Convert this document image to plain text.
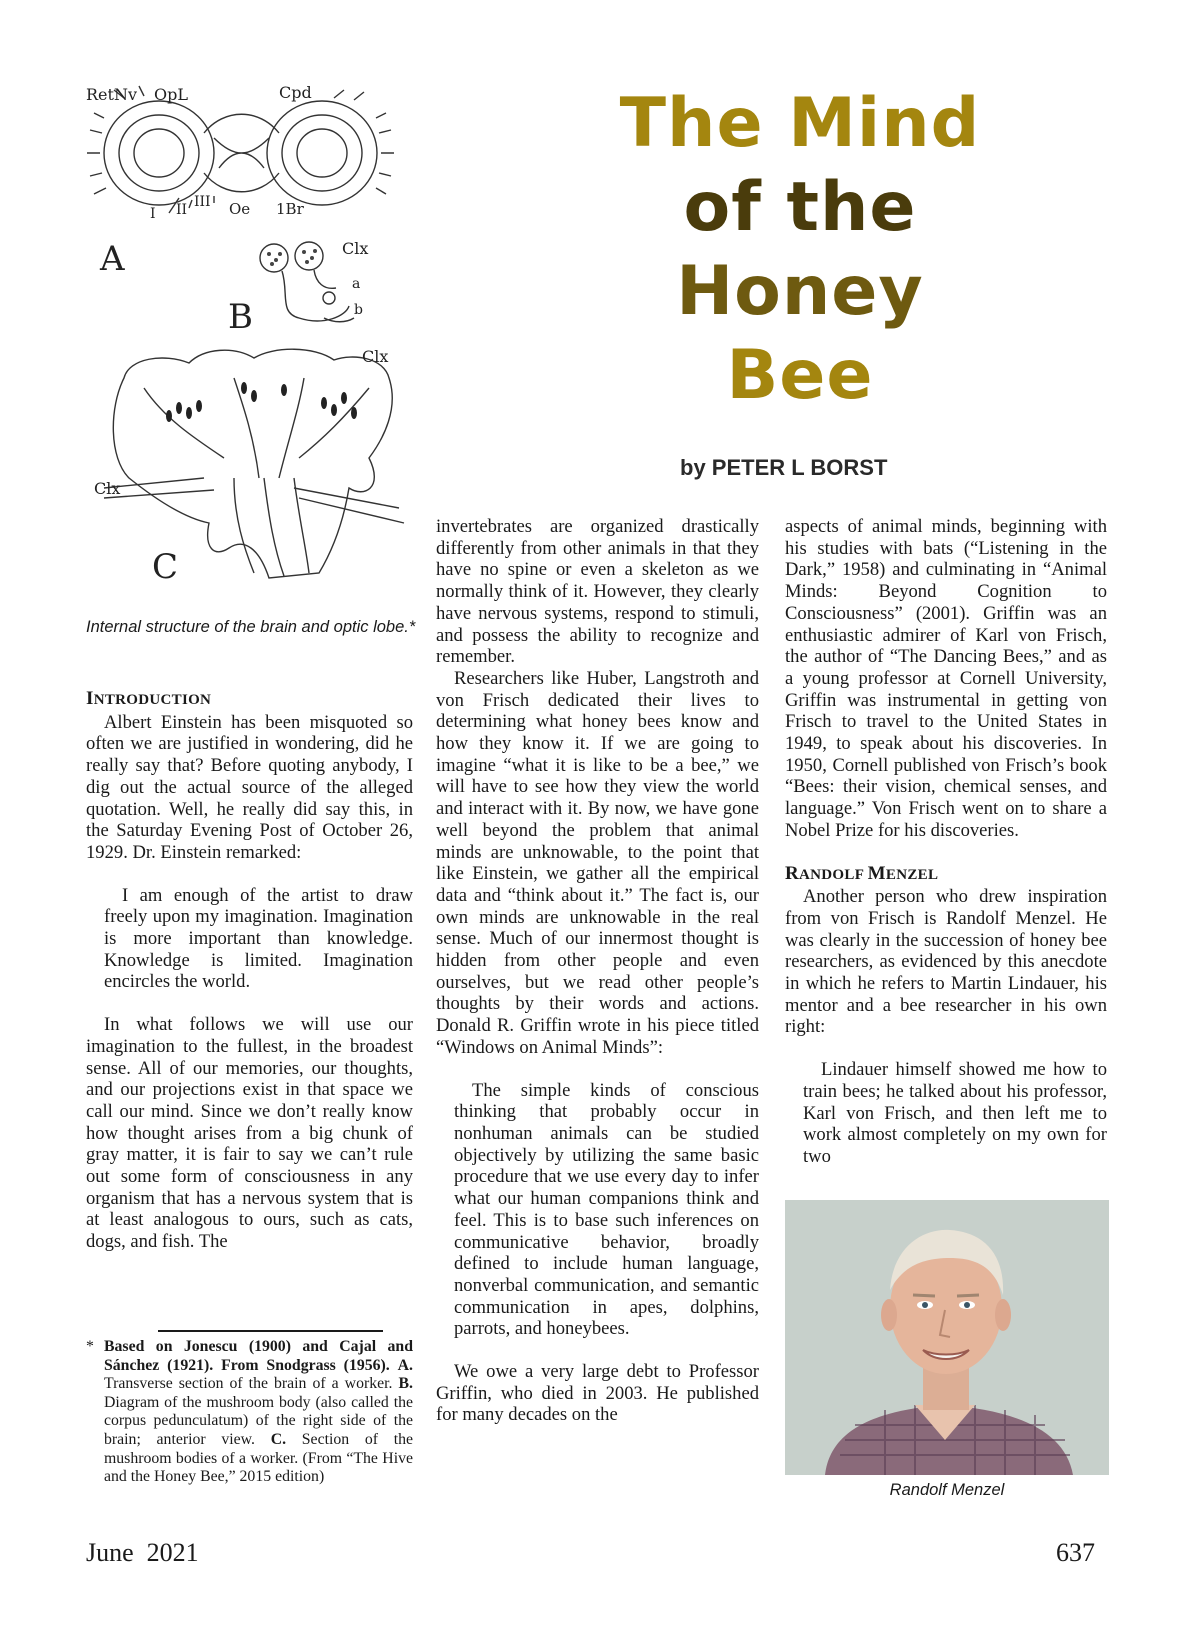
The Mind
of the
Honey
Bee
by PETER L BORST
RetNv OpL	Cpd
I II III Oe 1Br
A
B
Clx
a
b
Clx
Clx
C
Internal structure of the brain and optic lobe.*

INTRODUCTION

Albert Einstein has been misquoted so often we are justified in wondering, did he really say that? Before quoting anybody, I dig out the actual source of the alleged quotation. Well, he really did say this, in the Saturday Evening Post of October 26, 1929. Dr. Einstein remarked:

I am enough of the artist to draw freely upon my imagination. Imagination is more important than knowledge. Knowledge is limited. Imagination encircles the world.

In what follows we will use our imagination to the fullest, in the broadest sense. All of our memories, our thoughts, and our projections exist in that space we call our mind. Since we don’t really know how thought arises from a big chunk of gray matter, it is fair to say we can’t rule out some form of consciousness in any organism that has a nervous system that is at least analogous to ours, such as cats, dogs, and fish. The

* Based on Jonescu (1900) and Cajal and Sánchez (1921). From Snodgrass (1956). A. Transverse section of the brain of a worker. B. Diagram of the mushroom body (also called the corpus pedunculatum) of the right side of the brain; anterior view. C. Section of the mushroom bodies of a worker. (From “The Hive and the Honey Bee,” 2015 edition)

invertebrates are organized drastically differently from other animals in that they have no spine or even a skeleton as we normally think of it. However, they clearly have nervous systems, respond to stimuli, and possess the ability to recognize and remember.

Researchers like Huber, Langstroth and von Frisch dedicated their lives to determining what honey bees know and how they know it. If we are going to imagine “what it is like to be a bee,” we will have to see how they view the world and interact with it. By now, we have gone well beyond the problem that animal minds are unknowable, to the point that like Einstein, we gather all the empirical data and “think about it.” The fact is, our own minds are unknowable in the real sense. Much of our innermost thought is hidden from other people and even ourselves, but we read other people’s thoughts by their words and actions. Donald R. Griffin wrote in his piece titled “Windows on Animal Minds”:

The simple kinds of conscious thinking that probably occur in nonhuman animals can be studied objectively by utilizing the same basic procedure that we use every day to infer what our human companions think and feel. This is to base such inferences on communicative behavior, broadly defined to include human language, nonverbal communication, and semantic communication in apes, dolphins, parrots, and honeybees.

We owe a very large debt to Professor Griffin, who died in 2003. He published for many decades on the

aspects of animal minds, beginning with his studies with bats (“Listening in the Dark,” 1958) and culminating in “Animal Minds: Beyond Cognition to Consciousness” (2001). Griffin was an enthusiastic admirer of Karl von Frisch, the author of “The Dancing Bees,” and as a young professor at Cornell University, Griffin was instrumental in getting von Frisch to travel to the United States in 1949, to speak about his discoveries. In 1950, Cornell published von Frisch’s book “Bees: their vision, chemical senses, and language.” Von Frisch went on to share a Nobel Prize for his discoveries.

RANDOLF MENZEL

Another person who drew inspiration from von Frisch is Randolf Menzel. He was clearly in the succession of honey bee researchers, as evidenced by this anecdote in which he refers to Martin Lindauer, his mentor and a bee researcher in his own right:

Lindauer himself showed me how to train bees; he talked about his professor, Karl von Frisch, and then left me to work almost completely on my own for two

Randolf Menzel
June  2021	637
